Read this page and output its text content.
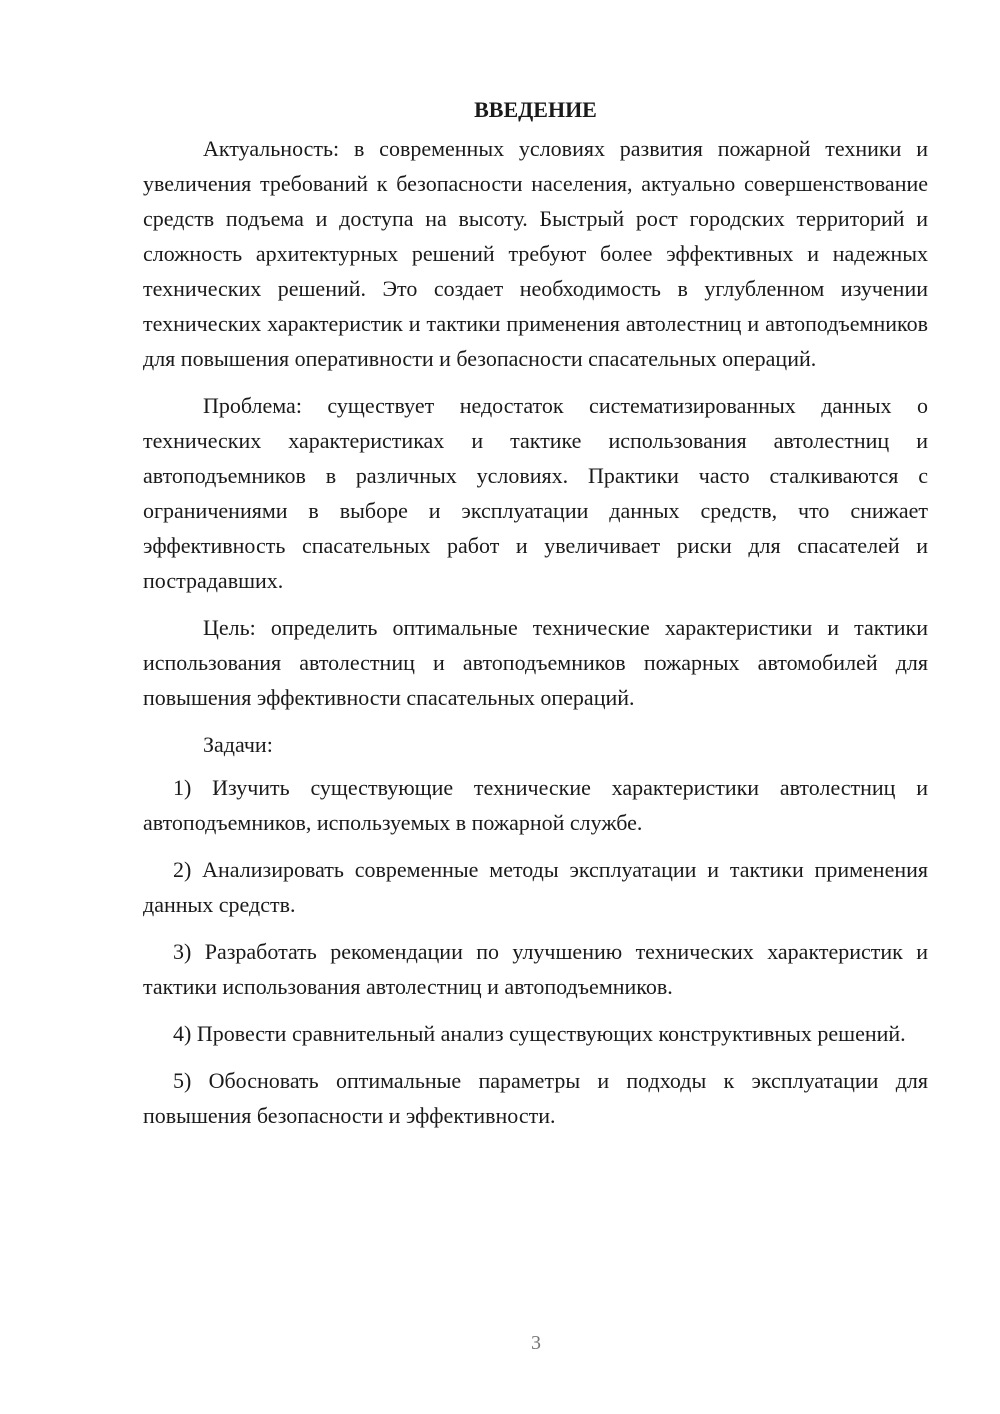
ВВЕДЕНИЕ

Актуальность: в современных условиях развития пожарной техники и увеличения требований к безопасности населения, актуально совершенствование средств подъема и доступа на высоту. Быстрый рост городских территорий и сложность архитектурных решений требуют более эффективных и надежных технических решений. Это создает необходимость в углубленном изучении технических характеристик и тактики применения автолестниц и автоподъемников для повышения оперативности и безопасности спасательных операций.

Проблема: существует недостаток систематизированных данных о технических характеристиках и тактике использования автолестниц и автоподъемников в различных условиях. Практики часто сталкиваются с ограничениями в выборе и эксплуатации данных средств, что снижает эффективность спасательных работ и увеличивает риски для спасателей и пострадавших.

Цель: определить оптимальные технические характеристики и тактики использования автолестниц и автоподъемников пожарных автомобилей для повышения эффективности спасательных операций.

Задачи:

1) Изучить существующие технические характеристики автолестниц и автоподъемников, используемых в пожарной службе.

2) Анализировать современные методы эксплуатации и тактики применения данных средств.

3) Разработать рекомендации по улучшению технических характеристик и тактики использования автолестниц и автоподъемников.

4) Провести сравнительный анализ существующих конструктивных решений.

5) Обосновать оптимальные параметры и подходы к эксплуатации для повышения безопасности и эффективности.

3
